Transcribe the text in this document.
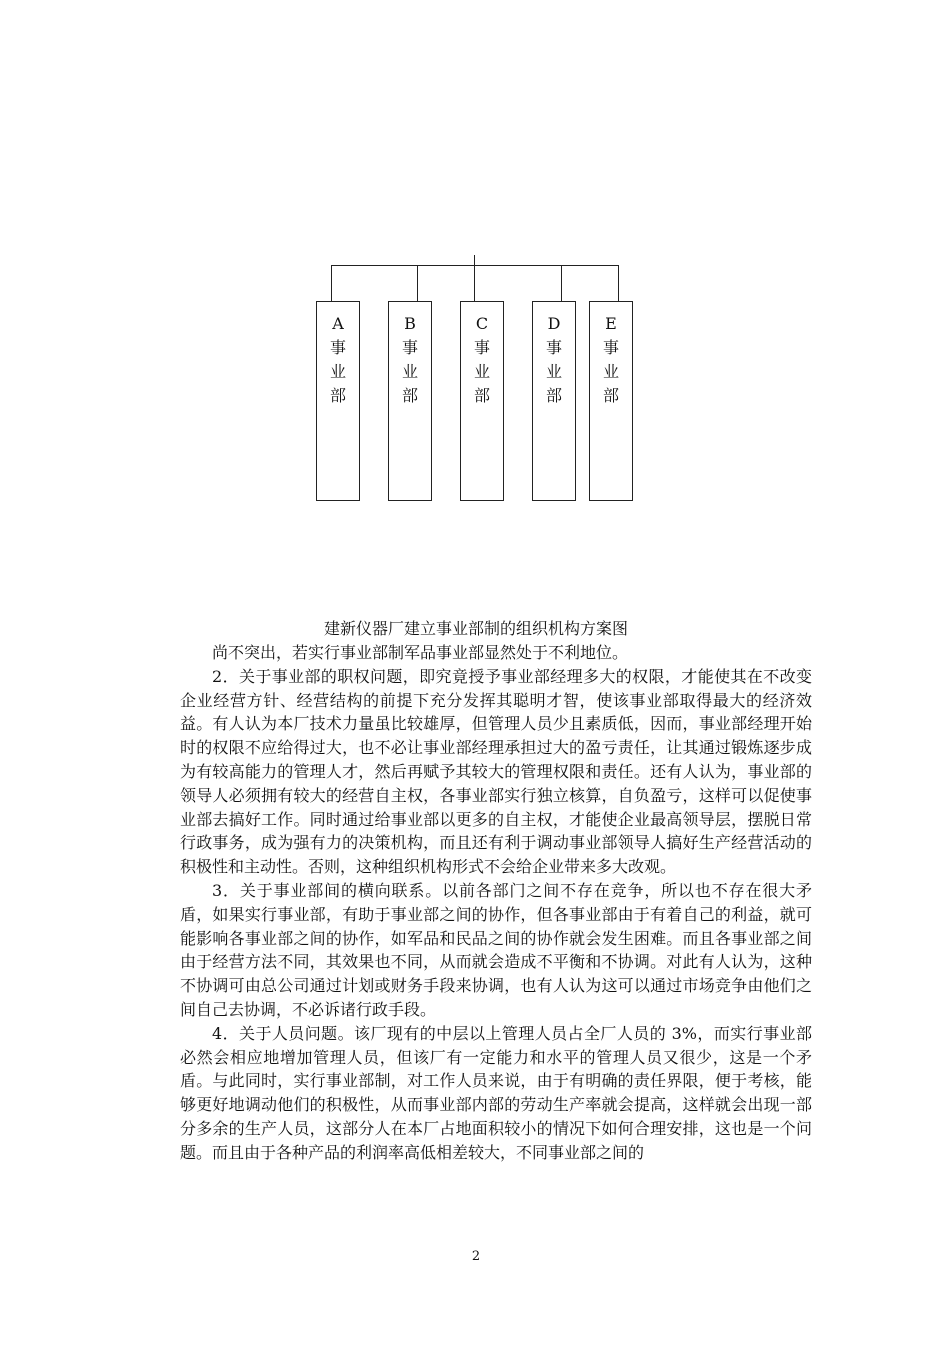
A
事
业
部
B
事
业
部
C
事
业
部
D
事
业
部
E
事
业
部
建新仪器厂建立事业部制的组织机构方案图

尚不突出，若实行事业部制军品事业部显然处于不利地位。

2．关于事业部的职权问题，即究竟授予事业部经理多大的权限，才能使其在不改变企业经营方针、经营结构的前提下充分发挥其聪明才智，使该事业部取得最大的经济效益。有人认为本厂技术力量虽比较雄厚，但管理人员少且素质低，因而，事业部经理开始时的权限不应给得过大，也不必让事业部经理承担过大的盈亏责任，让其通过锻炼逐步成为有较高能力的管理人才，然后再赋予其较大的管理权限和责任。还有人认为，事业部的领导人必须拥有较大的经营自主权，各事业部实行独立核算，自负盈亏，这样可以促使事业部去搞好工作。同时通过给事业部以更多的自主权，才能使企业最高领导层，摆脱日常行政事务，成为强有力的决策机构，而且还有利于调动事业部领导人搞好生产经营活动的积极性和主动性。否则，这种组织机构形式不会给企业带来多大改观。

3．关于事业部间的横向联系。以前各部门之间不存在竞争，所以也不存在很大矛盾，如果实行事业部，有助于事业部之间的协作，但各事业部由于有着自己的利益，就可能影响各事业部之间的协作，如军品和民品之间的协作就会发生困难。而且各事业部之间由于经营方法不同，其效果也不同，从而就会造成不平衡和不协调。对此有人认为，这种不协调可由总公司通过计划或财务手段来协调，也有人认为这可以通过市场竞争由他们之间自己去协调，不必诉诸行政手段。

4．关于人员问题。该厂现有的中层以上管理人员占全厂人员的 3%，而实行事业部必然会相应地增加管理人员，但该厂有一定能力和水平的管理人员又很少，这是一个矛盾。与此同时，实行事业部制，对工作人员来说，由于有明确的责任界限，便于考核，能够更好地调动他们的积极性，从而事业部内部的劳动生产率就会提高，这样就会出现一部分多余的生产人员，这部分人在本厂占地面积较小的情况下如何合理安排，这也是一个问题。而且由于各种产品的利润率高低相差较大，不同事业部之间的

2
